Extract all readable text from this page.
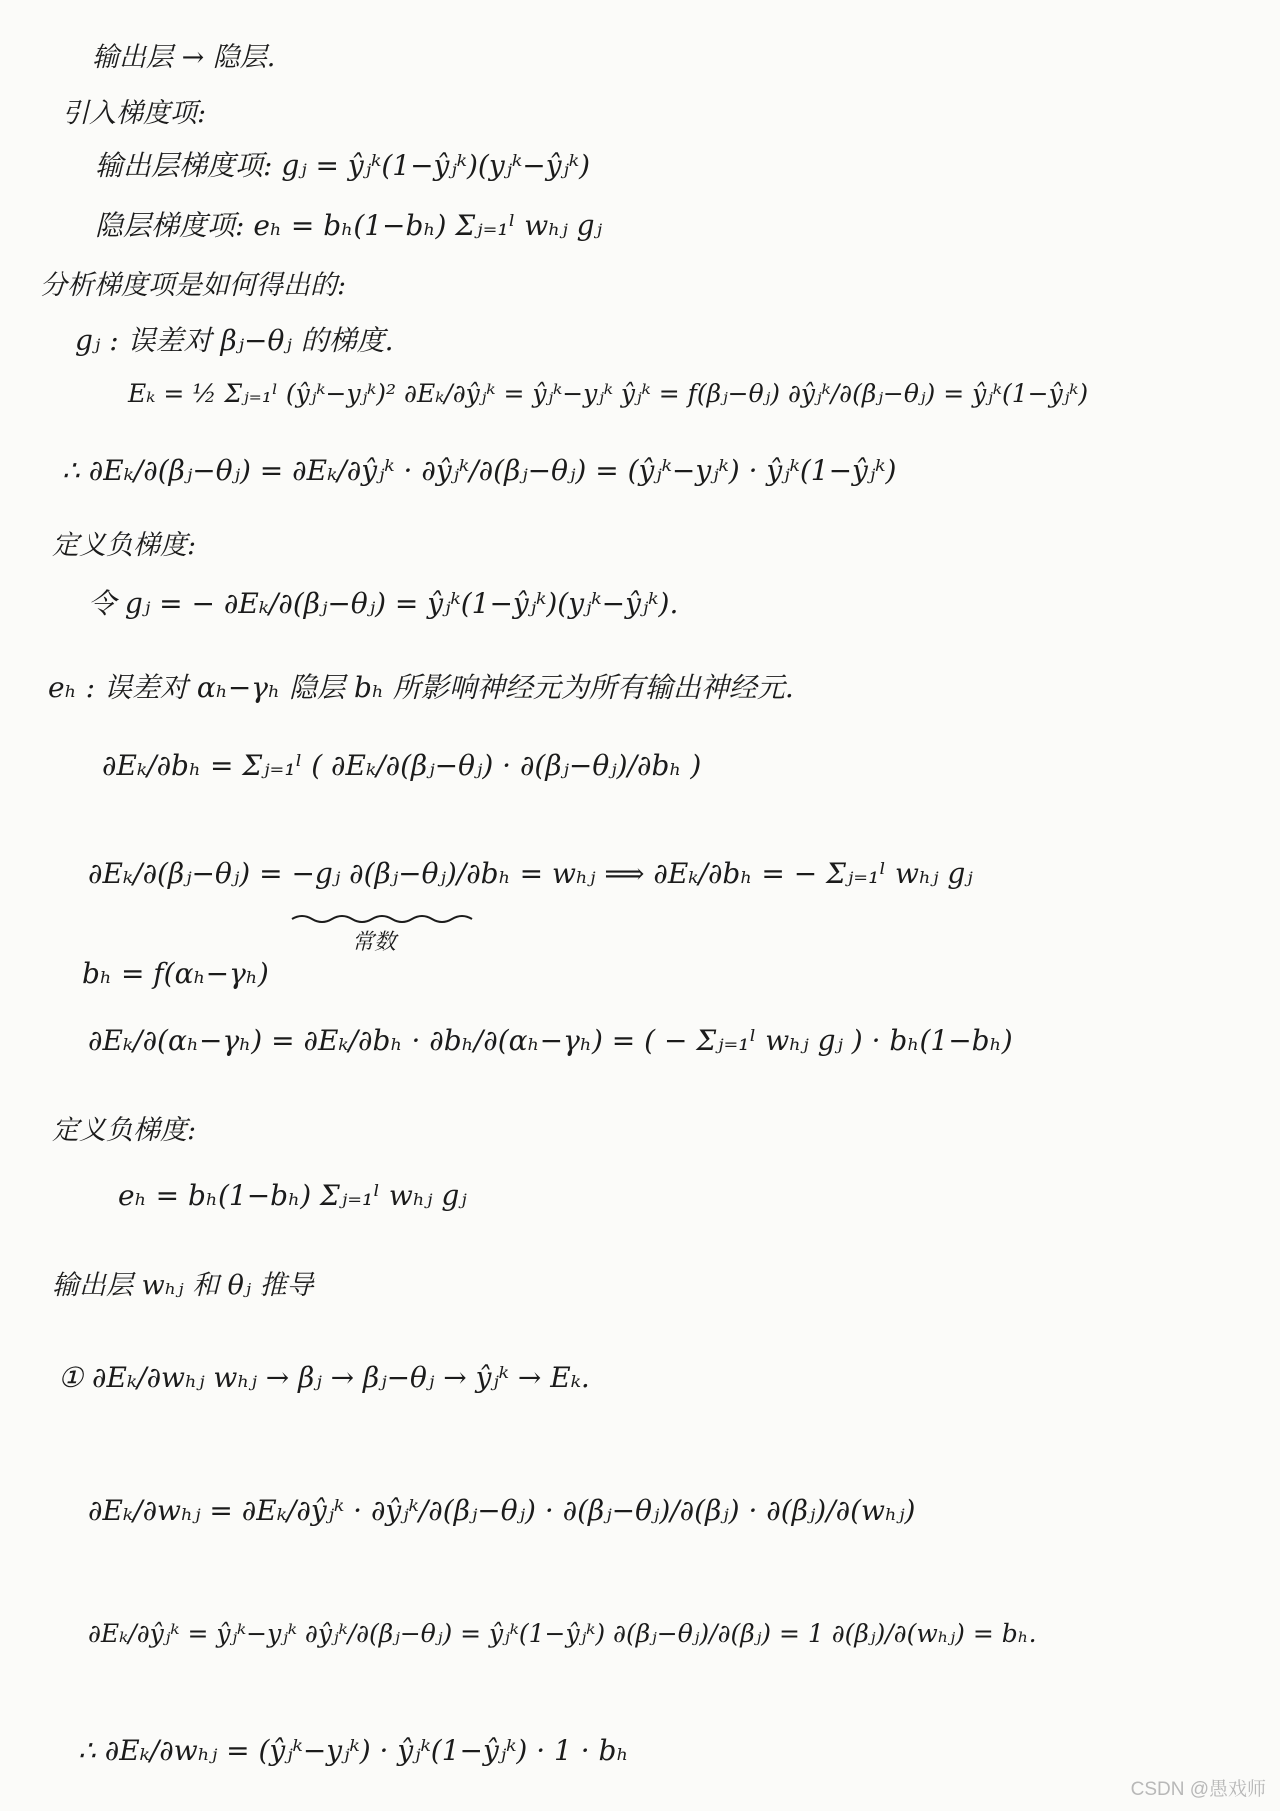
输出层 → 隐层.
引入梯度项:
输出层梯度项: gⱼ = ŷⱼᵏ(1−ŷⱼᵏ)(yⱼᵏ−ŷⱼᵏ)
隐层梯度项: eₕ = bₕ(1−bₕ) Σⱼ₌₁ˡ wₕⱼ gⱼ
分析梯度项是如何得出的:
gⱼ : 误差对 βⱼ−θⱼ 的梯度.
Eₖ = ½ Σⱼ₌₁ˡ (ŷⱼᵏ−yⱼᵏ)² ∂Eₖ/∂ŷⱼᵏ = ŷⱼᵏ−yⱼᵏ ŷⱼᵏ = f(βⱼ−θⱼ) ∂ŷⱼᵏ/∂(βⱼ−θⱼ) = ŷⱼᵏ(1−ŷⱼᵏ)
∴ ∂Eₖ/∂(βⱼ−θⱼ) = ∂Eₖ/∂ŷⱼᵏ · ∂ŷⱼᵏ/∂(βⱼ−θⱼ) = (ŷⱼᵏ−yⱼᵏ) · ŷⱼᵏ(1−ŷⱼᵏ)
定义负梯度:
令 gⱼ = − ∂Eₖ/∂(βⱼ−θⱼ) = ŷⱼᵏ(1−ŷⱼᵏ)(yⱼᵏ−ŷⱼᵏ).
eₕ : 误差对 αₕ−γₕ 隐层 bₕ 所影响神经元为所有输出神经元.
∂Eₖ/∂bₕ = Σⱼ₌₁ˡ ( ∂Eₖ/∂(βⱼ−θⱼ) · ∂(βⱼ−θⱼ)/∂bₕ )
∂Eₖ/∂(βⱼ−θⱼ) = −gⱼ ∂(βⱼ−θⱼ)/∂bₕ = wₕⱼ ⟹ ∂Eₖ/∂bₕ = − Σⱼ₌₁ˡ wₕⱼ gⱼ
常数
bₕ = f(αₕ−γₕ)
∂Eₖ/∂(αₕ−γₕ) = ∂Eₖ/∂bₕ · ∂bₕ/∂(αₕ−γₕ) = ( − Σⱼ₌₁ˡ wₕⱼ gⱼ ) · bₕ(1−bₕ)
定义负梯度:
eₕ = bₕ(1−bₕ) Σⱼ₌₁ˡ wₕⱼ gⱼ
输出层 wₕⱼ 和 θⱼ 推导
① ∂Eₖ/∂wₕⱼ wₕⱼ → βⱼ → βⱼ−θⱼ → ŷⱼᵏ → Eₖ.
∂Eₖ/∂wₕⱼ = ∂Eₖ/∂ŷⱼᵏ · ∂ŷⱼᵏ/∂(βⱼ−θⱼ) · ∂(βⱼ−θⱼ)/∂(βⱼ) · ∂(βⱼ)/∂(wₕⱼ)
∂Eₖ/∂ŷⱼᵏ = ŷⱼᵏ−yⱼᵏ ∂ŷⱼᵏ/∂(βⱼ−θⱼ) = ŷⱼᵏ(1−ŷⱼᵏ) ∂(βⱼ−θⱼ)/∂(βⱼ) = 1 ∂(βⱼ)/∂(wₕⱼ) = bₕ.
∴ ∂Eₖ/∂wₕⱼ = (ŷⱼᵏ−yⱼᵏ) · ŷⱼᵏ(1−ŷⱼᵏ) · 1 · bₕ
CSDN @愚戏师
